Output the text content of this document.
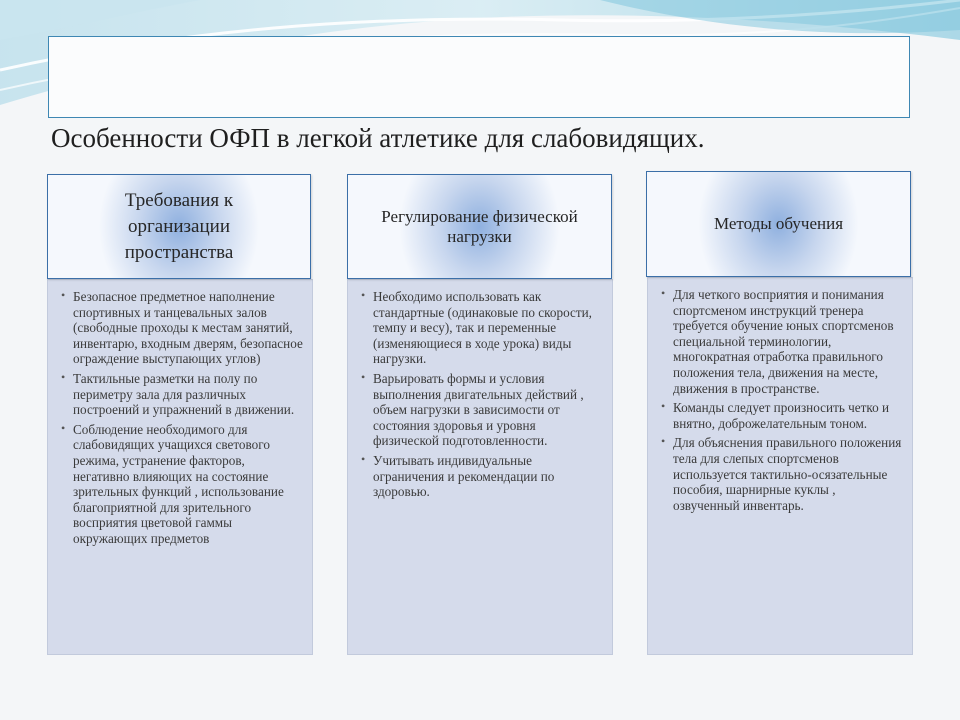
Особенности ОФП в легкой атлетике для слабовидящих.
Требования к организации пространства
• Безопасное предметное наполнение спортивных и танцевальных залов (свободные проходы к местам занятий, инвентарю, входным дверям, безопасное ограждение выступающих углов)
• Тактильные разметки на полу по периметру зала для различных построений и упражнений в движении.
• Соблюдение необходимого для слабовидящих учащихся светового режима, устранение факторов, негативно влияющих на состояние зрительных функций , использование благоприятной для зрительного восприятия цветовой гаммы окружающих предметов
Регулирование физической нагрузки
• Необходимо использовать как стандартные (одинаковые по скорости, темпу и весу), так и переменные (изменяющиеся в ходе урока) виды нагрузки.
• Варьировать формы и условия выполнения двигательных действий , объем нагрузки в зависимости от состояния здоровья и уровня физической подготовленности.
• Учитывать индивидуальные ограничения и рекомендации по здоровью.
Методы обучения
• Для четкого восприятия и понимания спортсменом инструкций тренера требуется обучение юных спортсменов специальной терминологии, многократная отработка правильного положения тела, движения на месте, движения в пространстве.
• Команды следует произносить четко и внятно, доброжелательным тоном.
• Для объяснения правильного положения тела для слепых спортсменов используется тактильно-осязательные пособия, шарнирные куклы , озвученный инвентарь.
